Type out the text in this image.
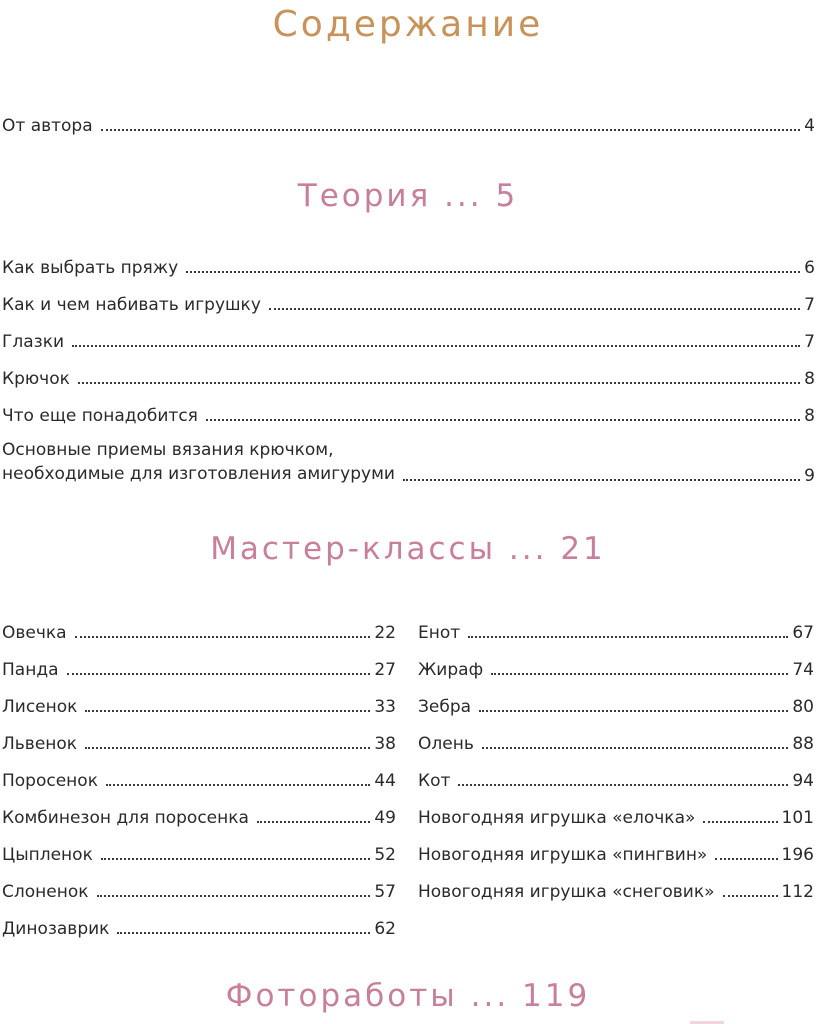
Содержание
От автора	4
Теория ... 5
Как выбрать пряжу	6
Как и чем набивать игрушку	7
Глазки	7
Крючок	8
Что еще понадобится	8
Основные приемы вязания крючком,
необходимые для изготовления амигуруми	9
Мастер-классы ... 21
Овечка	22
Панда	27
Лисенок	33
Львенок	38
Поросенок	44
Комбинезон для поросенка	49
Цыпленок	52
Слоненок	57
Динозаврик	62
Енот	67
Жираф	74
Зебра	80
Олень	88
Кот	94
Новогодняя игрушка «елочка»	101
Новогодняя игрушка «пингвин»	196
Новогодняя игрушка «снеговик»	112
Фотоработы ... 119
